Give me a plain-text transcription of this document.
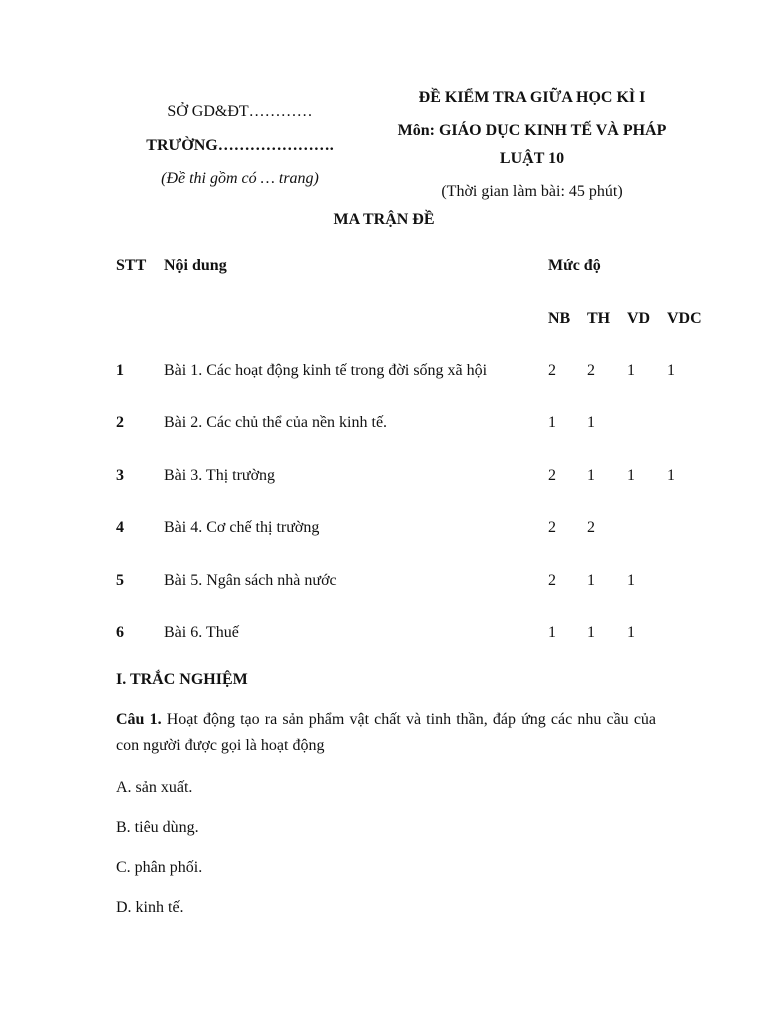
SỞ GD&ĐT…………
TRƯỜNG………………….
(Đề thi gồm có … trang)
ĐỀ KIỂM TRA GIỮA HỌC KÌ I
Môn: GIÁO DỤC KINH TẾ VÀ PHÁP
LUẬT 10
(Thời gian làm bài: 45 phút)
MA TRẬN ĐỀ
STT Nội dung	Mức độ
NB TH VD VDC
1	Bài 1. Các hoạt động kinh tế trong đời sống xã hội	2 2 1 1
2	Bài 2. Các chủ thể của nền kinh tế.	1 1
3	Bài 3. Thị trường	2 1 1 1
4	Bài 4. Cơ chế thị trường	2 2
5	Bài 5. Ngân sách nhà nước	2 1 1
6	Bài 6. Thuế	1 1 1
I. TRẮC NGHIỆM
Câu 1. Hoạt động tạo ra sản phẩm vật chất và tinh thần, đáp ứng các nhu cầu của con người được gọi là hoạt động
A. sản xuất.
B. tiêu dùng.
C. phân phối.
D. kinh tế.
